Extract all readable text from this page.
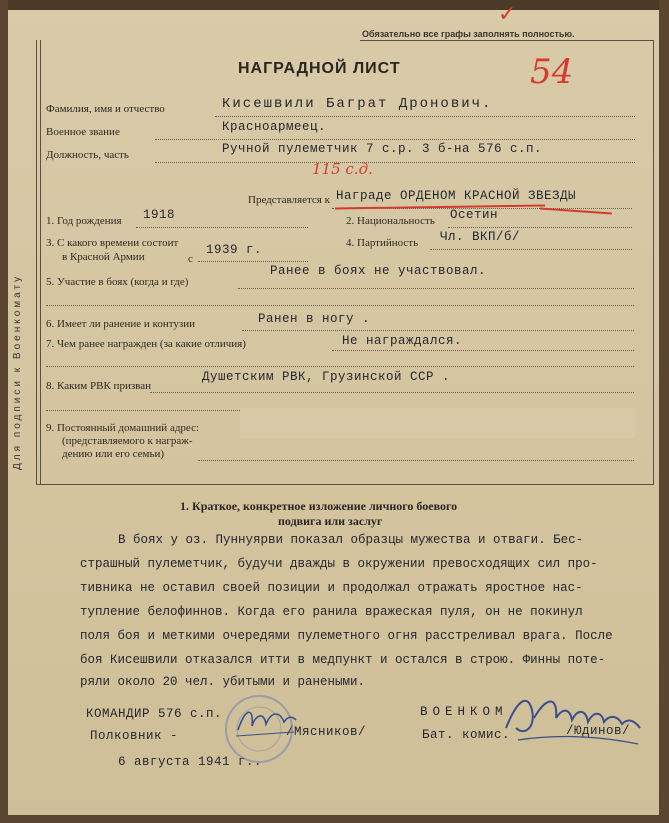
Для подписи к Военкомату
Обязательно все графы заполнять полностью.
✓
54
НАГРАДНОЙ ЛИСТ
Фамилия, имя и отчество	Кисешвили Баграт Дронович.
Военное звание	Красноармеец.
Должность, часть	Ручной пулеметчик 7 с.р. 3 б-на 576 с.п.
115 с.д.
Представляется к Награде ОРДЕНОМ КРАСНОЙ ЗВЕЗДЫ
1. Год рождения 1918	2. Национальность Осетин
3. С какого времени состоит
в Красной Армии	с
1939 г.	4. Партийность Чл. ВКП/б/
5. Участие в боях (когда и где)
Ранее в боях не участвовал.
6. Имеет ли ранение и контузии	Ранен в ногу .
7. Чем ранее награжден (за какие отличия)	Не награждался.
8. Каким РВК призван
Душетским РВК, Грузинской ССР .
9. Постоянный домашний адрес:
(представляемого к награж-
дению или его семьи)
1. Краткое, конкретное изложение личного боевого
подвига или заслуг
В боях у оз. Пуннуярви показал образцы мужества и отваги. Бес-
страшный пулеметчик, будучи дважды в окружении превосходящих сил про-
тивника не оставил своей позиции и продолжал отражать яростное нас-
тупление белофиннов. Когда его ранила вражеская пуля, он не покинул
поля боя и меткими очередями пулеметного огня расстреливал врага. После
боя Кисешвили отказался итти в медпункт и остался в строю. Финны поте-
ряли около 20 чел. убитыми и ранеными.
КОМАНДИР 576 с.п.
Полковник -	/Мясников/
6 августа 1941 г..
ВОЕНКОМ
Бат. комис.	/Юдинов/
